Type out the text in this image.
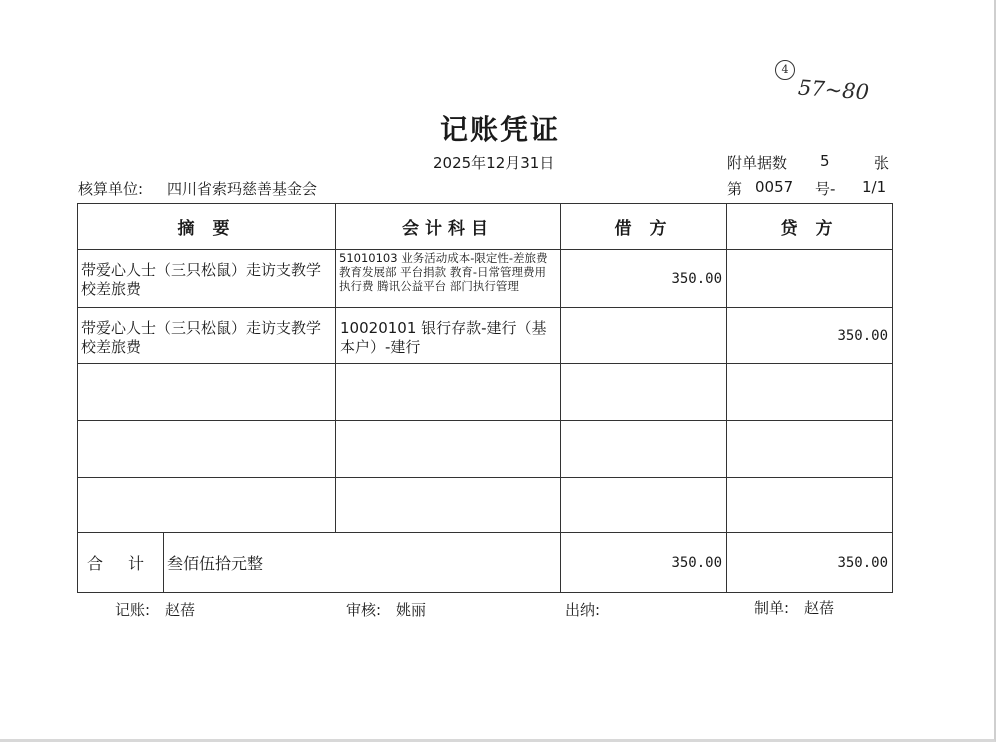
4
57~80
记账凭证
2025年12月31日	附单据数 5	张
核算单位: 四川省索玛慈善基金会	第 0057 号- 1/1
摘 要		会计科目	借 方	贷 方
带爱心人士（三只松鼠）走访支教学校差旅费		51010103 业务活动成本-限定性-差旅费 教育发展部 平台捐款 教育-日常管理费用 执行费 腾讯公益平台 部门执行管理	350.00	
带爱心人士（三只松鼠）走访支教学校差旅费		10020101 银行存款-建行（基本户）-建行		350.00

合 计	叁佰伍拾元整		350.00	350.00
记账: 赵蓓	审核: 姚丽	出纳:	制单: 赵蓓
